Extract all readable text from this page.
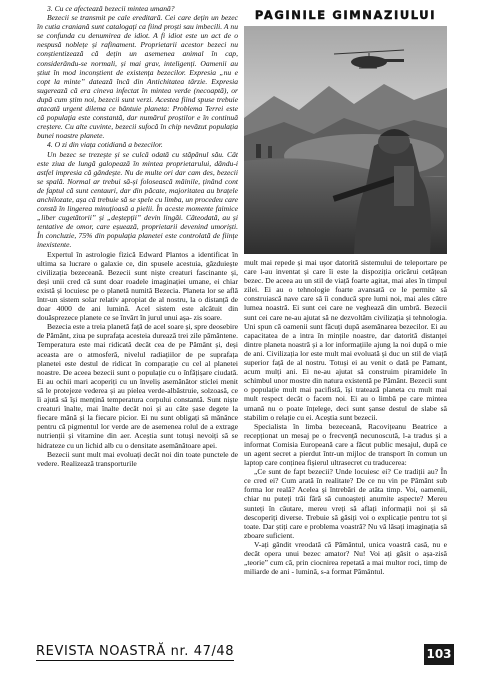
3. Cu ce afectează bezecii mintea umană?

Bezecii se transmit pe cale ereditară. Cei care dețin un bezec în cutia craniană sunt catalogați ca fiind proști sau imbecili. A nu se confunda cu denumirea de idiot. A fi idiot este un act de o nespusă noblețe și rafinament. Proprietarii acestor bezeci nu conștientizează că dețin un asemenea animal în cap, considerându-se normali, și mai grav, inteligenți. Oamenii au știut în mod inconștient de existența bezecilor. Expresia „nu e copt la minte” datează încă din Antichitatea târzie. Expresia sugerează că era cineva infectat în mintea verde (necoaptă), or după cum știm noi, bezecii sunt verzi. Acestea fiind spuse trebuie atacată urgent dilema ce bântuie planeta: Problema Terrei este că populația este constantă, dar numărul proștilor e în continuă creștere. Cu alte cuvinte, bezecii sufocă în chip nevăzut populația bunei noastre planete.

4. O zi din viața cotidiană a bezecilor.

Un bezec se trezește și se culcă odată cu stăpânul său. Cât este ziua de lungă galopează în mintea proprietarului, dându-i astfel impresia că gândește. Nu de multe ori dar cam des, bezecii se spală. Normal ar trebui să-și folosească mâinile, ținând cont de faptul că sunt centauri, dar din păcate, majoritatea au brațele anchilozate, așa că trebuie să se spele cu limba, un procedeu care constă în lingerea minuțioasă a pielii. În aceste momente faimice „liber cugetătorii” și „deștepții” devin lingăi. Câteodată, au și tentative de omor, care eșuează, proprietarii devenind umoriști. În concluzie, 75% din populația planetei este controlată de ființe inexistente.

Expertul în astrologie fizică Edward Plantos a identificat în ultima sa lucrare o galaxie ce, din spusele acestuia, găzduiește civilizația bezeceană. Bezecii sunt niște creaturi fascinante și, deși unii cred că sunt doar roadele imaginației umane, ei chiar există și locuiesc pe o planetă numită Bezecia. Planeta lor se află într-un sistem solar relativ apropiat de al nostru, la o distanță de doar 4000 de ani lumină. Acel sistem este alcătuit din douăsprezece planete ce se învârt în jurul unui așa- zis soare.

Bezecia este a treia planetă față de acel soare și, spre deosebire de Pământ, ziua pe suprafața acesteia durează trei zile pământene. Temperatura este mai ridicată decât cea de pe Pământ și, deși aceasta are o atmosferă, nivelul radiațiilor de pe suprafața planetei este destul de ridicat în comparație cu cel al planetei noastre. De aceea bezecii sunt o populație cu o înfățișare ciudată. Ei au ochii mari acoperiți cu un înveliș asemănător sticlei menit să le protejeze vederea și au pielea verde-albăstruie, solzoasă, ce îi ajută să își mențină temperatura corpului constantă. Sunt niște creaturi înalte, mai înalte decât noi și au câte șase degete la fiecare mână și la fiecare picior. Ei nu sunt obligați să mănânce pentru că pigmentul lor verde are de asemenea rolul de a extrage nutrienții și vitamine din aer. Aceștia sunt totuși nevoiți să se hidrateze cu un lichid alb cu o densitate asemănătoare apei.

Bezecii sunt mult mai evoluați decât noi din toate punctele de vedere. Realizează transporturile

PAGINILE GIMNAZIULUI

mult mai repede și mai ușor datorită sistemului de teleportare pe care l-au inventat și care îi este la dispoziția oricărui cetățean bezec. De aceea au un stil de viață foarte agitat, mai ales în timpul zilei. Ei au o tehnologie foarte avansată ce le permite să construiască nave care să îi conducă spre lumi noi, mai ales către lumea noastră. Ei sunt cei care ne veghează din umbră. Bezecii sunt cei care ne-au ajutat să ne dezvoltăm civilizația și tehnologia. Uni spun că oamenii sunt făcuți după asemănarea bezecilor. Ei au capacitatea de a intra în mințile noastre, dar datorită distanței dintre planeta noastră și a lor informațiile ajung la noi după o mie de ani. Civilizația lor este mult mai evoluată și duc un stil de viață superior față de al nostru. Totuși ei au venit o dată pe Pamant, acum mulți ani. Ei ne-au ajutat să construim piramidele în schimbul unor mostre din natura existentă pe Pământ. Bezecii sunt o populație mult mai pacifistă, își tratează planeta cu mult mai mult respect decât o facem noi. Ei au o limbă pe care mintea umană nu o poate înțelege, deci sunt șanse destul de slabe să stabilim o relație cu ei. Aceștia sunt bezecii.

Specialista în limba bezeceană, Racovițeanu Beatrice a recepționat un mesaj pe o frecvență necunoscută, l-a tradus și a informat Comisia Europeană care a făcut public mesajul, după ce un agent secret a pierdut într-un mijloc de transport în comun un laptop care conținea fișierul ultrasecret cu traducerea:

„Ce sunt de fapt bezecii? Unde locuiesc ei? Ce tradiții au? În ce cred ei? Cum arată în realitate? De ce nu vin pe Pământ sub forma lor reală? Acelea și întrebări de atâta timp. Voi, oamenii, chiar nu puteți trăi fără să cunoașteți anumite aspecte? Mereu sunteți în căutare, mereu vreți să aflați informații noi și să descoperiți diverse. Trebuie să găsiți voi o explicație pentru tot și toate. Dar știți care e problema voastră? Nu vă lăsați imaginația să zboare suficient.

V-ați gândit vreodată că Pământul, unica voastră casă, nu e decât opera unui bezec amator? Nu! Voi ați găsit o așa-zisă „teorie” cum că, prin ciocnirea repetată a mai multor roci, timp de miliarde de ani - lumină, s-a format Pământul.

REVISTA NOASTRĂ nr. 47/48	103
